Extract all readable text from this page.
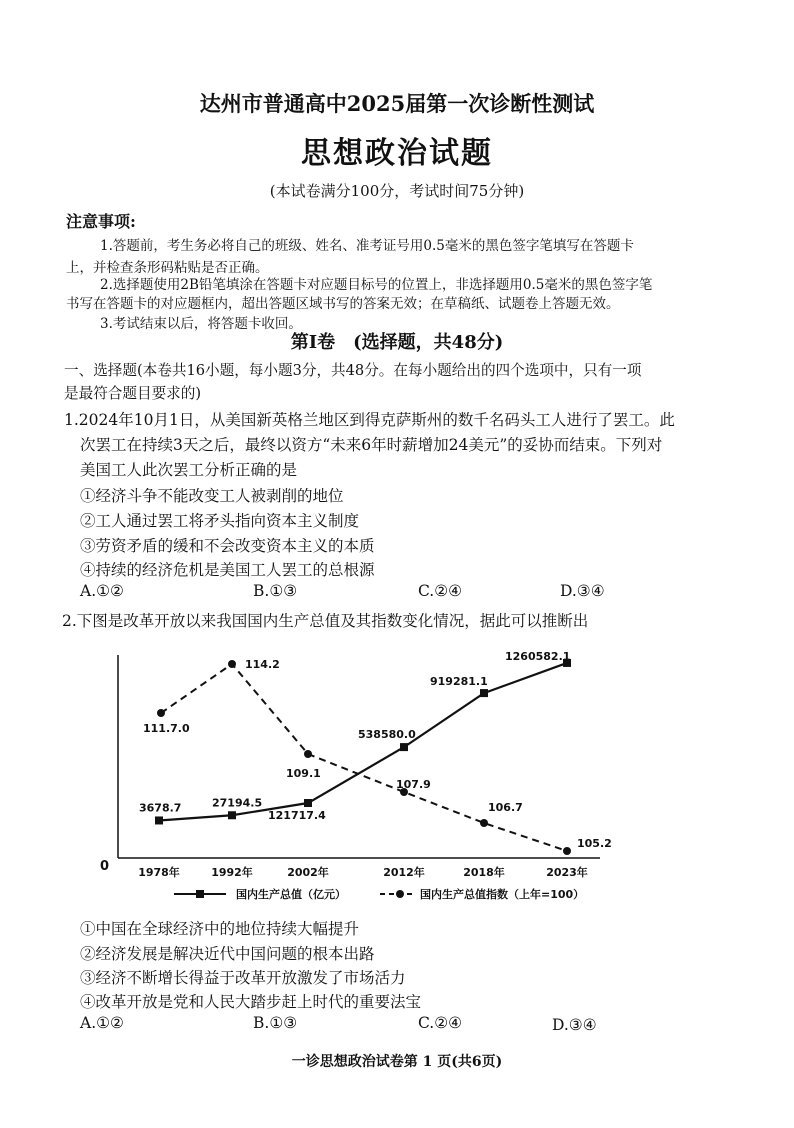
达州市普通高中2025届第一次诊断性测试
思想政治试题
(本试卷满分100分，考试时间75分钟)
注意事项:
1.答题前，考生务必将自己的班级、姓名、准考证号用0.5毫米的黑色签字笔填写在答题卡
上，并检查条形码粘贴是否正确。
2.选择题使用2B铅笔填涂在答题卡对应题目标号的位置上，非选择题用0.5毫米的黑色签字笔
书写在答题卡的对应题框内，超出答题区域书写的答案无效；在草稿纸、试题卷上答题无效。
3.考试结束以后，将答题卡收回。
第Ⅰ卷　(选择题，共48分)
一、选择题(本卷共16小题，每小题3分，共48分。在每小题给出的四个选项中，只有一项
是最符合题目要求的)
1.2024年10月1日，从美国新英格兰地区到得克萨斯州的数千名码头工人进行了罢工。此
次罢工在持续3天之后，最终以资方“未来6年时薪增加24美元”的妥协而结束。下列对
美国工人此次罢工分析正确的是
①经济斗争不能改变工人被剥削的地位
②工人通过罢工将矛头指向资本主义制度
③劳资矛盾的缓和不会改变资本主义的本质
④持续的经济危机是美国工人罢工的总根源
A.①②	B.①③	C.②④	D.③④
2.下图是改革开放以来我国国内生产总值及其指数变化情况，据此可以推断出
0	1978年	1992年	2002年	2012年	2018年	2023年
3678.7	27194.5
121717.4
538580.0
919281.1
1260582.1
111.7.0
114.2
109.1
107.9
106.7
105.2
国内生产总值（亿元）	国内生产总值指数（上年=100）
①中国在全球经济中的地位持续大幅提升
②经济发展是解决近代中国问题的根本出路
③经济不断增长得益于改革开放激发了市场活力
④改革开放是党和人民大踏步赶上时代的重要法宝
A.①②	B.①③	C.②④	D.③④
一诊思想政治试卷第 1 页(共6页)
